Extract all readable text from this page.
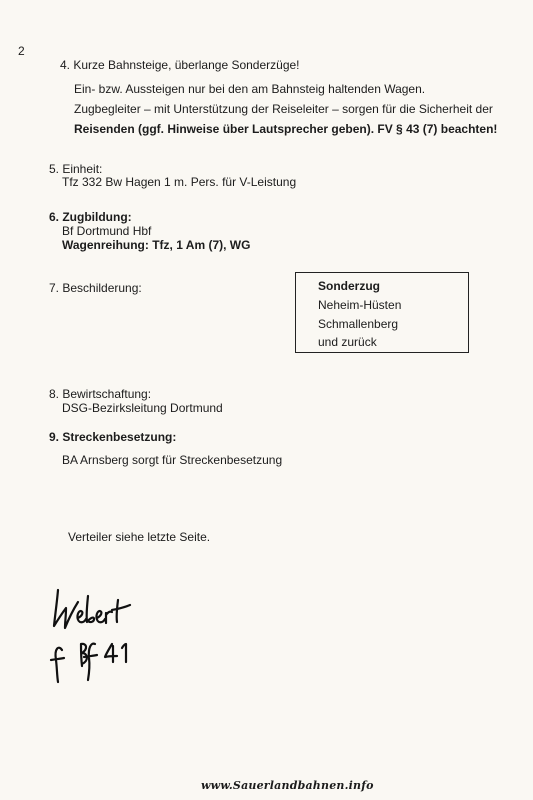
2
4. Kurze Bahnsteige, überlange Sonderzüge!
Ein- bzw. Aussteigen nur bei den am Bahnsteig haltenden Wagen.
Zugbegleiter – mit Unterstützung der Reiseleiter – sorgen für die Sicherheit der
Reisenden (ggf. Hinweise über Lautsprecher geben). FV § 43 (7) beachten!
5. Einheit:
Tfz 332 Bw Hagen 1 m. Pers. für V-Leistung
6. Zugbildung:
Bf Dortmund Hbf
Wagenreihung: Tfz, 1 Am (7), WG
7. Beschilderung:	Sonderzug
Neheim-Hüsten
Schmallenberg
und zurück
8. Bewirtschaftung:
DSG-Bezirksleitung Dortmund
9. Streckenbesetzung:
BA Arnsberg sorgt für Streckenbesetzung
Verteiler siehe letzte Seite.
www.Sauerlandbahnen.info
